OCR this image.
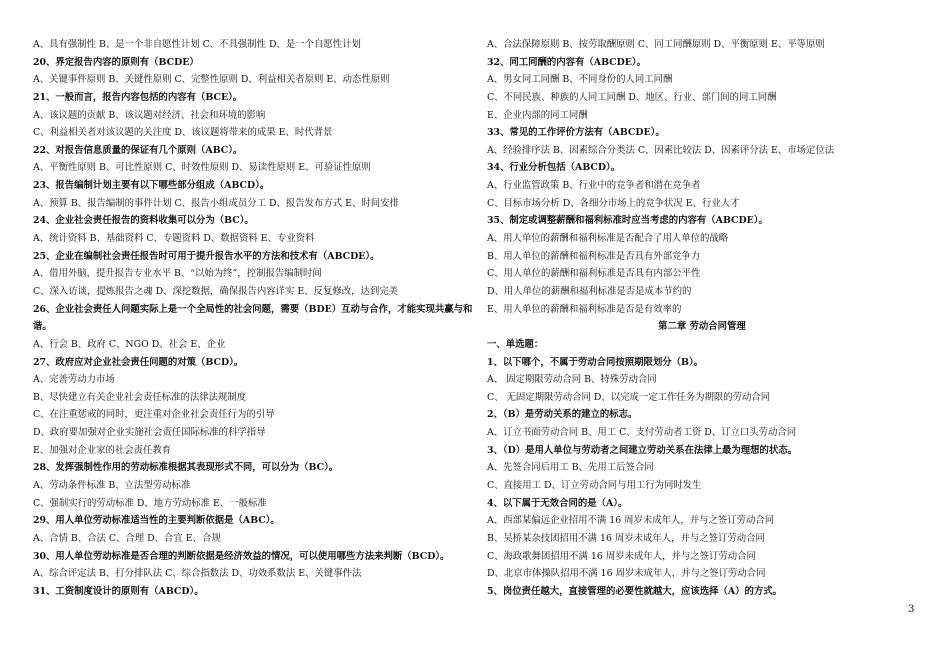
A、具有强制性 B、是一个非自愿性计划 C、不具强制性 D、是一个自愿性计划
20、界定报告内容的原则有（BCDE）
A、关键事件原则 B、关键性原则 C、完整性原则 D、利益相关者原则 E、动态性原则
21、一般而言，报告内容包括的内容有（BCE）。
A、该议题的贡献 B、该议题对经济、社会和环境的影响
C、利益相关者对该议题的关注度 D、该议题将带来的成果 E、时代背景
22、对报告信息质量的保证有几个原则（ABC）。
A、平衡性原则 B、可比性原则 C、时效性原则 D、易读性原则 E、可验证性原则
23、报告编制计划主要有以下哪些部分组成（ABCD）。
A、预算 B、报告编制的事件计划 C、报告小组成员分工 D、报告发布方式 E、时间安排
24、企业社会责任报告的资料收集可以分为（BC）。
A、统计资料 B、基础资料 C、专题资料 D、数据资料 E、专业资料
25、企业在编制社会责任报告时可用于提升报告水平的方法和技术有（ABCDE）。
A、借用外脑，提升报告专业水平 B、“以始为终”，控制报告编制时间
C、深入访谈，提炼报告之魂 D、深挖数据，确保报告内容详实 E、反复修改，达到完美
26、企业社会责任人问题实际上是一个全局性的社会问题，需要（BDE）互动与合作，才能实现共赢与和谐。
A、行会 B、政府 C、NGO D、社会 E、企业
27、政府应对企业社会责任问题的对策（BCD）。
A、完善劳动力市场
B、尽快建立有关企业社会责任标准的法律法规制度
C、在注重惩戒的同时，更注重对企业社会责任行为的引导
D、政府要加强对企业实施社会责任国际标准的科学指导
E、加强对企业家的社会责任教育
28、发挥强制性作用的劳动标准根据其表现形式不同，可以分为（BC）。
A、劳动条件标准 B、立法型劳动标准
C、强制实行的劳动标准 D、地方劳动标准 E、一般标准
29、用人单位劳动标准适当性的主要判断依据是（ABC）。
A、合情 B、合法 C、合理 D、合宜 E、合规
30、用人单位劳动标准是否合理的判断依据是经济效益的情况，可以使用哪些方法来判断（BCD）。
A、综合评定法 B、打分排队法 C、综合指数法 D、功效系数法 E、关键事件法
31、工资制度设计的原则有（ABCD）。
A、合法保障原则 B、按劳取酬原则 C、同工同酬原则 D、平衡原则 E、平等原则
32、同工同酬的内容有（ABCDE）。
A、男女同工同酬 B、不同身份的人同工同酬
C、不同民族、种族的人同工同酬 D、地区、行业、部门间的同工同酬
E、企业内部的同工同酬
33、常见的工作评价方法有（ABCDE）。
A、经验排序法 B、因素综合分类法 C、因素比较法 D、因素评分法 E、市场定位法
34、行业分析包括（ABCD）。
A、行业监管政策 B、行业中的竞争者和潜在竞争者
C、目标市场分析 D、各细分市场上的竞争状况 E、行业人才
35、制定或调整薪酬和福利标准时应当考虑的内容有（ABCDE）。
A、用人单位的薪酬和福利标准是否配合了用人单位的战略
B、用人单位的薪酬和福利标准是否具有外部竞争力
C、用人单位的薪酬和福利标准是否具有内部公平性
D、用人单位的薪酬和福利标准是否是成本节约的
E、用人单位的薪酬和福利标准是否是有效率的
第二章 劳动合同管理
一、单选题：
1、以下哪个，不属于劳动合同按照期限划分（B）。
A、 固定期限劳动合同 B、特殊劳动合同
C、 无固定期限劳动合同 D、以完成一定工作任务为期限的劳动合同
2、（B）是劳动关系的建立的标志。
A、订立书面劳动合同 B、用工 C、支付劳动者工资 D、订立口头劳动合同
3、（D）是用人单位与劳动者之间建立劳动关系在法律上最为理想的状态。
A、先签合同后用工 B、先用工后签合同
C、直接用工 D、订立劳动合同与用工行为同时发生
4、以下属于无效合同的是（A）。
A、西部某偏远企业招用不满 16 周岁未成年人，并与之签订劳动合同
B、吴桥某杂技团招用不满 16 周岁未成年人，并与之签订劳动合同
C、海政歌舞团招用不满 16 周岁未成年人，并与之签订劳动合同
D、北京市体操队招用不满 16 周岁未成年人，并与之签订劳动合同
5、岗位责任越大，直接管理的必要性就越大，应该选择（A）的方式。
3
